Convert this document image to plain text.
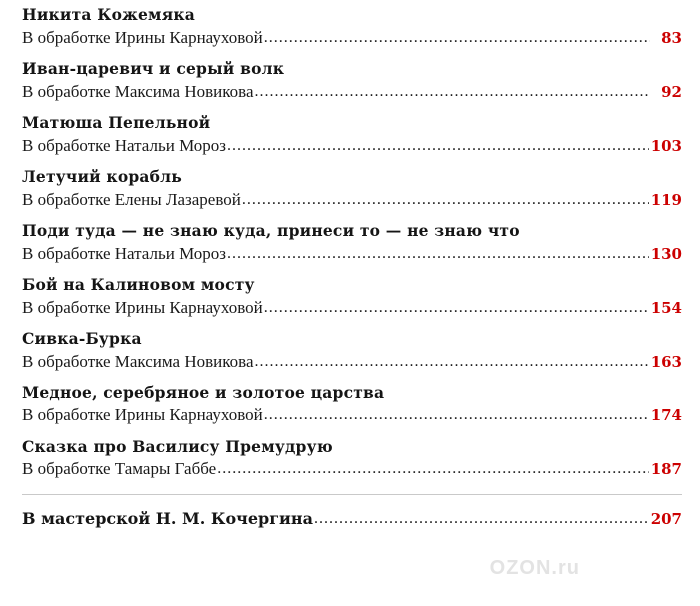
Никита Кожемяка
В обработке Ирины Карнауховой .....	83
Иван-царевич и серый волк
В обработке Максима Новикова .....	92
Матюша Пепельной
В обработке Натальи Мороз .....	103
Летучий корабль
В обработке Елены Лазаревой .....	119
Поди туда — не знаю куда, принеси то — не знаю что
В обработке Натальи Мороз .....	130
Бой на Калиновом мосту
В обработке Ирины Карнауховой .....	154
Сивка-Бурка
В обработке Максима Новикова .....	163
Медное, серебряное и золотое царства
В обработке Ирины Карнауховой .....	174
Сказка про Василису Премудрую
В обработке Тамары Габбе .....	187
В мастерской Н. М. Кочергина .....	207
OZON.ru
